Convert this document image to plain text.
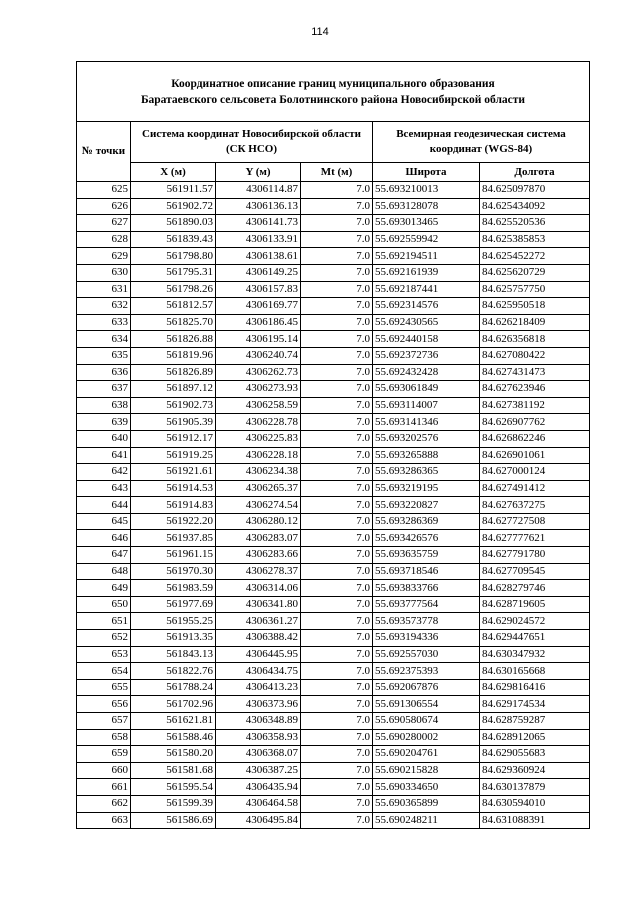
114
Координатное описание границ муниципального образования
Баратаевского сельсовета Болотнинского района Новосибирской области					

№ точки	Система координат Новосибирской области (СК НСО)			Всемирная геодезическая система координат (WGS-84)	
	X (м)	Y (м)	Mt (м)	Широта	Долгота
625	561911.57	4306114.87	7.0	55.693210013	84.625097870
626	561902.72	4306136.13	7.0	55.693128078	84.625434092
627	561890.03	4306141.73	7.0	55.693013465	84.625520536
628	561839.43	4306133.91	7.0	55.692559942	84.625385853
629	561798.80	4306138.61	7.0	55.692194511	84.625452272
630	561795.31	4306149.25	7.0	55.692161939	84.625620729
631	561798.26	4306157.83	7.0	55.692187441	84.625757750
632	561812.57	4306169.77	7.0	55.692314576	84.625950518
633	561825.70	4306186.45	7.0	55.692430565	84.626218409
634	561826.88	4306195.14	7.0	55.692440158	84.626356818
635	561819.96	4306240.74	7.0	55.692372736	84.627080422
636	561826.89	4306262.73	7.0	55.692432428	84.627431473
637	561897.12	4306273.93	7.0	55.693061849	84.627623946
638	561902.73	4306258.59	7.0	55.693114007	84.627381192
639	561905.39	4306228.78	7.0	55.693141346	84.626907762
640	561912.17	4306225.83	7.0	55.693202576	84.626862246
641	561919.25	4306228.18	7.0	55.693265888	84.626901061
642	561921.61	4306234.38	7.0	55.693286365	84.627000124
643	561914.53	4306265.37	7.0	55.693219195	84.627491412
644	561914.83	4306274.54	7.0	55.693220827	84.627637275
645	561922.20	4306280.12	7.0	55.693286369	84.627727508
646	561937.85	4306283.07	7.0	55.693426576	84.627777621
647	561961.15	4306283.66	7.0	55.693635759	84.627791780
648	561970.30	4306278.37	7.0	55.693718546	84.627709545
649	561983.59	4306314.06	7.0	55.693833766	84.628279746
650	561977.69	4306341.80	7.0	55.693777564	84.628719605
651	561955.25	4306361.27	7.0	55.693573778	84.629024572
652	561913.35	4306388.42	7.0	55.693194336	84.629447651
653	561843.13	4306445.95	7.0	55.692557030	84.630347932
654	561822.76	4306434.75	7.0	55.692375393	84.630165668
655	561788.24	4306413.23	7.0	55.692067876	84.629816416
656	561702.96	4306373.96	7.0	55.691306554	84.629174534
657	561621.81	4306348.89	7.0	55.690580674	84.628759287
658	561588.46	4306358.93	7.0	55.690280002	84.628912065
659	561580.20	4306368.07	7.0	55.690204761	84.629055683
660	561581.68	4306387.25	7.0	55.690215828	84.629360924
661	561595.54	4306435.94	7.0	55.690334650	84.630137879
662	561599.39	4306464.58	7.0	55.690365899	84.630594010
663	561586.69	4306495.84	7.0	55.690248211	84.631088391
